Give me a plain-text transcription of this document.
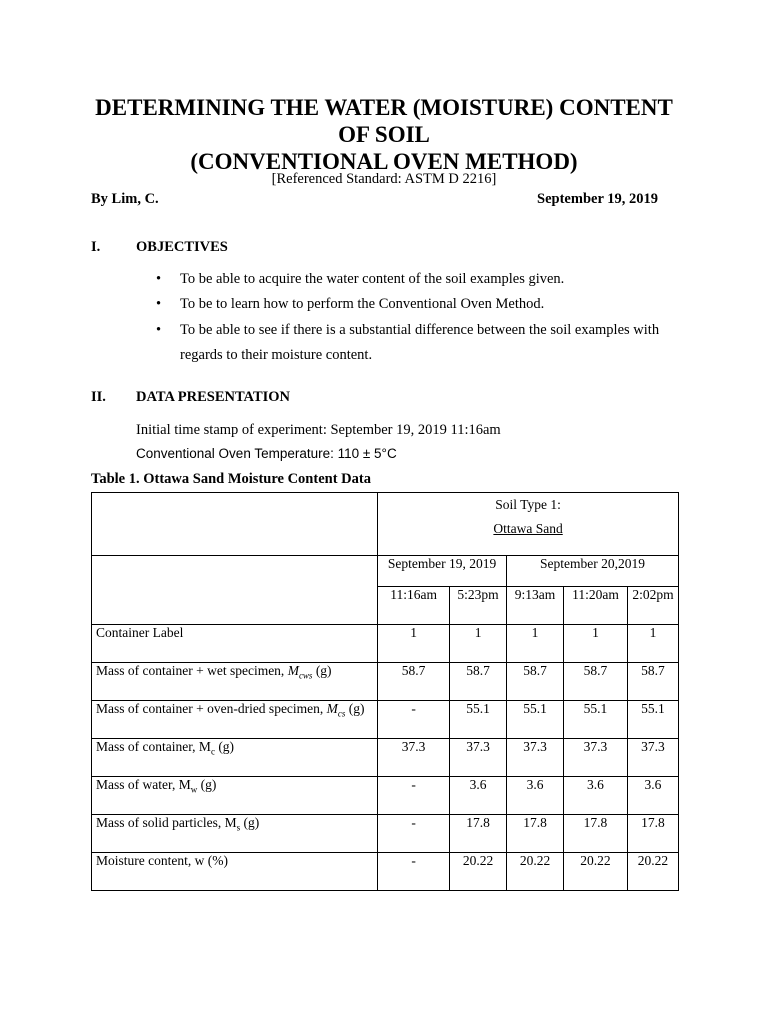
DETERMINING THE WATER (MOISTURE) CONTENT
OF SOIL
(CONVENTIONAL OVEN METHOD)
[Referenced Standard: ASTM D 2216]
By Lim, C.	September 19, 2019
I. OBJECTIVES
• To be able to acquire the water content of the soil examples given.
• To be to learn how to perform the Conventional Oven Method.
• To be able to see if there is a substantial difference between the soil examples with regards to their moisture content.
II. DATA PRESENTATION
Initial time stamp of experiment: September 19, 2019 11:16am
Conventional Oven Temperature: 110 ± 5°C
Table 1. Ottawa Sand Moisture Content Data

	Soil Type 1:
Ottawa Sand				

	September 19, 2019		September 20,2019		
	11:16am	5:23pm	9:13am	11:20am	2:02pm
Container Label	1	1	1	1	1
Mass of container + wet specimen, $M_{cws}$ (g)	58.7	58.7	58.7	58.7	58.7
Mass of container + oven-dried specimen, $M_{cs}$ (g)	-	55.1	55.1	55.1	55.1
Mass of container, $M_c$ (g)	37.3	37.3	37.3	37.3	37.3
Mass of water, $M_w$ (g)	-	3.6	3.6	3.6	3.6
Mass of solid particles, $M_s$ (g)	-	17.8	17.8	17.8	17.8
Moisture content, w (%)	-	20.22	20.22	20.22	20.22
